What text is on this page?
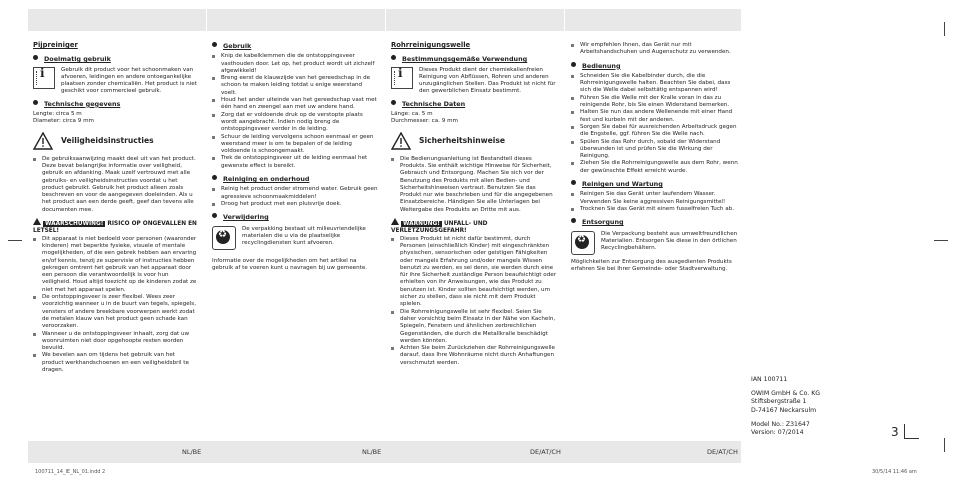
NL/BE	NL/BE	DE/AT/CH	DE/AT/CH
100711_14_IE_NL_01.indd 2	30/5/14 11:46 am
3
Pijpreiniger
Doelmatig gebruik
i	Gebruik dit product voor het schoonmaken van afvoeren, leidingen en andere ontoegankelijke plaatsen zonder chemicaliën. Het product is niet geschikt voor commercieel gebruik.
Technische gegevens
Lengte: circa 5 m
Diameter: circa 9 mm
Veiligheidsinstructies
De gebruiksaanwijzing maakt deel uit van het product. Deze bevat belangrijke informatie over veiligheid, gebruik en afdanking. Maak uzelf vertrouwd met alle gebruiks- en veiligheidsinstructies voordat u het product gebruikt. Gebruik het product alleen zoals beschreven en voor de aangegeven doeleinden. Als u het product aan een derde geeft, geef dan tevens alle documenten mee.
WAARSCHUWING! RISICO OP ONGEVALLEN EN LETSEL!
Dit apparaat is niet bedoeld voor personen (waaronder kinderen) met beperkte fysieke, visuele of mentale mogelijkheden, of die een gebrek hebben aan ervaring en/of kennis, tenzij ze supervisie of instructies hebben gekregen omtrent het gebruik van het apparaat door een persoon die verantwoordelijk is voor hun veiligheid. Houd altijd toezicht op de kinderen zodat ze niet met het apparaat spelen.
De ontstoppingsveer is zeer flexibel. Wees zeer voorzichtig wanneer u in de buurt van tegels, spiegels, vensters of andere breekbare voorwerpen werkt zodat de metalen klauw van het product geen schade kan veroorzaken.
Wanneer u de ontstoppingsveer inhaalt, zorg dat uw woonruimten niet door opgehoopte resten worden bevuild.
We bevelen aan om tijdens het gebruik van het product werkhandschoenen en een veiligheidsbril te dragen.
Gebruik
Knip de kabelklemmen die de ontstoppingsveer vasthouden door. Let op, het product wordt uit zichzelf afgewikkeld!
Breng eerst de klauwzijde van het gereedschap in de schoon te maken leiding totdat u enige weerstand voelt.
Houd het ander uiteinde van het gereedschap vast met één hand en zwengel aan met uw andere hand.
Zorg dat er voldoende druk op de verstopte plaats wordt aangebracht. Indien nodig breng de ontstoppingsveer verder in de leiding.
Schuur de leiding vervolgens schoon eenmaal er geen weerstand meer is om te bepalen of de leiding voldoende is schoongemaakt.
Trek de ontstoppingsveer uit de leiding eenmaal het gewenste effect is bereikt.
Reiniging en onderhoud
Reinig het product onder stromend water. Gebruik geen agressieve schoonmaakmiddelen!
Droog het product met een pluisvrije doek.
Verwijdering
♻
De verpakking bestaat uit milieuvriendelijke materialen die u via de plaatselijke recyclingdiensten kunt afvoeren.
Informatie over de mogelijkheden om het artikel na gebruik af te voeren kunt u navragen bij uw gemeente.
Rohrreinigungswelle
Bestimmungsgemäße Verwendung
i	Dieses Produkt dient der chemiekalienfreien Reinigung von Abflüssen, Rohren und anderen unzugänglichen Stellen. Das Produkt ist nicht für den gewerblichen Einsatz bestimmt.
Technische Daten
Länge: ca. 5 m
Durchmesser: ca. 9 mm
Sicherheitshinweise
Die Bedienungsanleitung ist Bestandteil dieses Produkts. Sie enthält wichtige Hinweise für Sicherheit, Gebrauch und Entsorgung. Machen Sie sich vor der Benutzung des Produkts mit allen Bedien- und Sicherheitshinweisen vertraut. Benutzen Sie das Produkt nur wie beschrieben und für die angegebenen Einsatzbereiche. Händigen Sie alle Unterlagen bei Weitergabe des Produkts an Dritte mit aus.
WARNUNG! UNFALL- UND VERLETZUNGSGEFAHR!
Dieses Produkt ist nicht dafür bestimmt, durch Personen (einschließlich Kinder) mit eingeschränkten physischen, sensorischen oder geistigen Fähigkeiten oder mangels Erfahrung und/oder mangels Wissen benutzt zu werden, es sei denn, sie werden durch eine für ihre Sicherheit zuständige Person beaufsichtigt oder erhielten von ihr Anweisungen, wie das Produkt zu benutzen ist. Kinder sollten beaufsichtigt werden, um sicher zu stellen, dass sie nicht mit dem Produkt spielen.
Die Rohrreinigungswelle ist sehr flexibel. Seien Sie daher vorsichtig beim Einsatz in der Nähe von Kacheln, Spiegeln, Fenstern und ähnlichen zerbrechlichen Gegenständen, die durch die Metallkralle beschädigt werden könnten.
Achten Sie beim Zurückziehen der Rohrreinigungswelle darauf, dass Ihre Wohnräume nicht durch Anhaftungen verschmutzt werden.
Wir empfehlen Ihnen, das Gerät nur mit Arbeitshandschuhen und Augenschutz zu verwenden.
Bedienung
Schneiden Sie die Kabelbinder durch, die die Rohrreinigungswelle halten. Beachten Sie dabei, dass sich die Welle dabei selbsttätig entspannen wird!
Führen Sie die Welle mit der Kralle voran in das zu reinigende Rohr, bis Sie einen Widerstand bemerken.
Halten Sie nun das andere Wellenende mit einer Hand fest und kurbeln mit der anderen.
Sorgen Sie dabei für ausreichenden Arbeitsdruck gegen die Engstelle, ggf. führen Sie die Welle nach.
Spülen Sie das Rohr durch, sobald der Widerstand überwunden ist und prüfen Sie die Wirkung der Reinigung.
Ziehen Sie die Rohrreinigungswelle aus dem Rohr, wenn der gewünschte Effekt erreicht wurde.
Reinigen und Wartung
Reinigen Sie das Gerät unter laufendem Wasser. Verwenden Sie keine aggressiven Reinigungsmittel!
Trocknen Sie das Gerät mit einem fusselfreien Tuch ab.
Entsorgung
♻
Die Verpackung besteht aus umweltfreundlichen Materialien. Entsorgen Sie diese in den örtlichen Recyclingbehältern.
Möglichkeiten zur Entsorgung des ausgedienten Produkts erfahren Sie bei Ihrer Gemeinde- oder Stadtverwaltung.
IAN 100711
OWIM GmbH & Co. KG
Stiftsbergstraße 1
D-74167 Neckarsulm
Model No.: Z31647
Version: 07/2014
